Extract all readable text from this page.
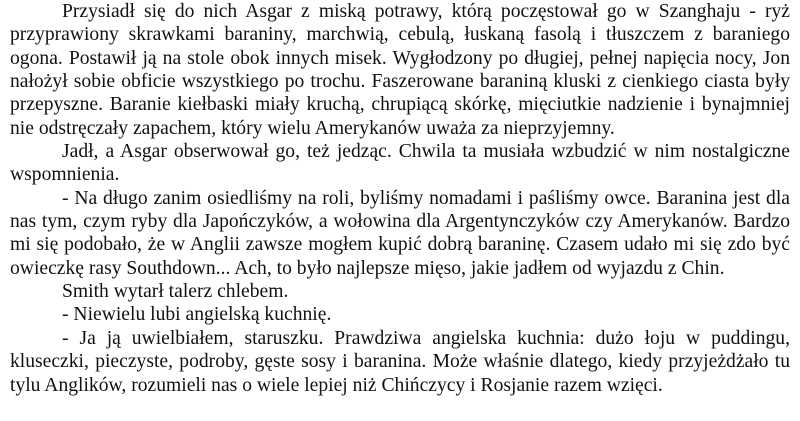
Przysiadł się do nich Asgar z miską potrawy, którą poczęstował go w Szanghaju - ryż przyprawiony skrawkami baraniny, marchwią, cebulą, łuskaną fasolą i tłuszczem z baraniego ogona. Postawił ją na stole obok innych misek. Wygłodzony po długiej, pełnej napięcia nocy, Jon nałożył sobie obficie wszystkiego po trochu. Faszerowane baraniną kluski z cienkiego ciasta były przepyszne. Baranie kiełbaski miały kruchą, chrupiącą skórkę, mięciutkie nadzienie i bynajmniej nie odstręczały zapachem, który wielu Amerykanów uważa za nieprzyjemny.

Jadł, a Asgar obserwował go, też jedząc. Chwila ta musiała wzbudzić w nim nostalgiczne wspomnienia.

- Na długo zanim osiedliśmy na roli, byliśmy nomadami i paśliśmy owce. Baranina jest dla nas tym, czym ryby dla Japończyków, a wołowina dla Argentynczyków czy Amerykanów. Bardzo mi się podobało, że w Anglii zawsze mogłem kupić dobrą baraninę. Czasem udało mi się zdo być owieczkę rasy Southdown... Ach, to było najlepsze mięso, jakie jadłem od wyjazdu z Chin.

Smith wytarł talerz chlebem.

- Niewielu lubi angielską kuchnię.

- Ja ją uwielbiałem, staruszku. Prawdziwa angielska kuchnia: dużo łoju w puddingu, kluseczki, pieczyste, podroby, gęste sosy i baranina. Może właśnie dlatego, kiedy przyjeżdżało tu tylu Anglików, rozumieli nas o wiele lepiej niż Chińczycy i Rosjanie razem wzięci.
